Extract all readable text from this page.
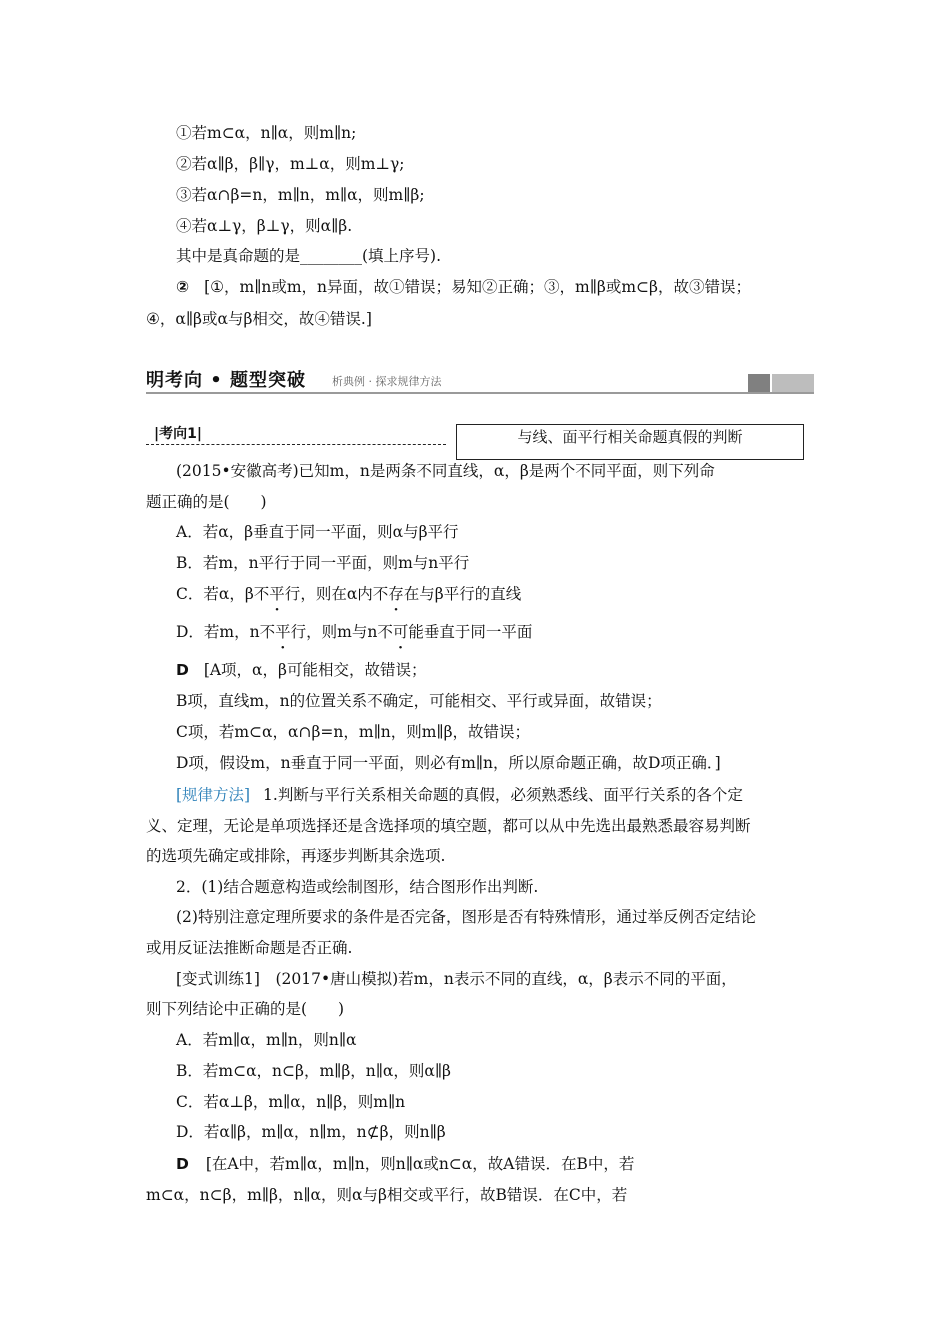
①若m⊂α，n∥α，则m∥n;
②若α∥β，β∥γ，m⊥α，则m⊥γ;
③若α∩β=n，m∥n，m∥α，则m∥β;
④若α⊥γ，β⊥γ，则α∥β.
其中是真命题的是________(填上序号).
② [①，m∥n或m，n异面，故①错误；易知②正确；③，m∥β或m⊂β，故③错误；
④，α∥β或α与β相交，故④错误.]
明考向 • 题型突破 析典例 · 探求规律方法
|考向1|	与线、面平行相关命题真假的判断
(2015•安徽高考)已知m，n是两条不同直线，α，β是两个不同平面，则下列命
题正确的是(　　)
A．若α，β垂直于同一平面，则α与β平行
B．若m，n平行于同一平面，则m与n平行
C．若α，β不平行，则在α内不存在与β平行的直线
D．若m，n不平行，则m与n不可能垂直于同一平面
D [A项，α，β可能相交，故错误；
B项，直线m，n的位置关系不确定，可能相交、平行或异面，故错误；
C项，若m⊂α，α∩β=n，m∥n，则m∥β，故错误；
D项，假设m，n垂直于同一平面，则必有m∥n，所以原命题正确，故D项正确．]
[规律方法] 1.判断与平行关系相关命题的真假，必须熟悉线、面平行关系的各个定
义、定理，无论是单项选择还是含选择项的填空题，都可以从中先选出最熟悉最容易判断
的选项先确定或排除，再逐步判断其余选项.
2．(1)结合题意构造或绘制图形，结合图形作出判断.
(2)特别注意定理所要求的条件是否完备，图形是否有特殊情形，通过举反例否定结论
或用反证法推断命题是否正确.
[变式训练1]　(2017•唐山模拟)若m，n表示不同的直线，α，β表示不同的平面，
则下列结论中正确的是(　　)
A．若m∥α，m∥n，则n∥α
B．若m⊂α，n⊂β，m∥β，n∥α，则α∥β
C．若α⊥β，m∥α，n∥β，则m∥n
D．若α∥β，m∥α，n∥m，n⊄β，则n∥β
D [在A中，若m∥α，m∥n，则n∥α或n⊂α，故A错误．在B中，若
m⊂α，n⊂β，m∥β，n∥α，则α与β相交或平行，故B错误．在C中，若
